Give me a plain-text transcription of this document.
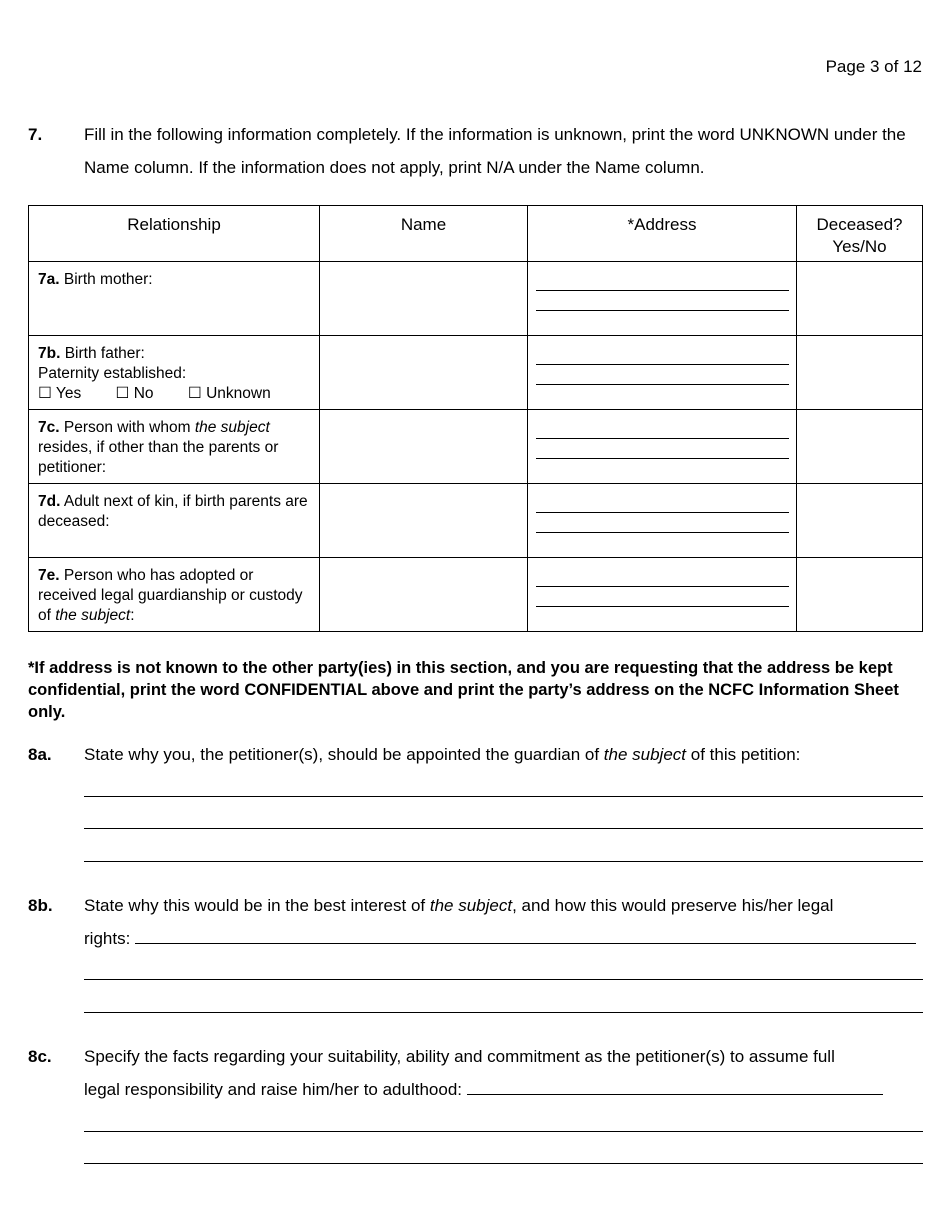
Page 3 of 12
7. Fill in the following information completely. If the information is unknown, print the word UNKNOWN under the Name column. If the information does not apply, print N/A under the Name column.
Relationship	Name	*Address	Deceased?
Yes/No
7a. Birth mother:		

7b. Birth father:
Paternity established:
☐ Yes ☐ No ☐ Unknown		

7c. Person with whom the subject resides, if other than the parents or petitioner:		

7d. Adult next of kin, if birth parents are deceased:		

7e. Person who has adopted or received legal guardianship or custody of the subject:		

*If address is not known to the other party(ies) in this section, and you are requesting that the address be kept confidential, print the word CONFIDENTIAL above and print the party’s address on the NCFC Information Sheet only.
8a. State why you, the petitioner(s), should be appointed the guardian of the subject of this petition:
8b. State why this would be in the best interest of the subject, and how this would preserve his/her legal
rights:
8c. Specify the facts regarding your suitability, ability and commitment as the petitioner(s) to assume full
legal responsibility and raise him/her to adulthood:
